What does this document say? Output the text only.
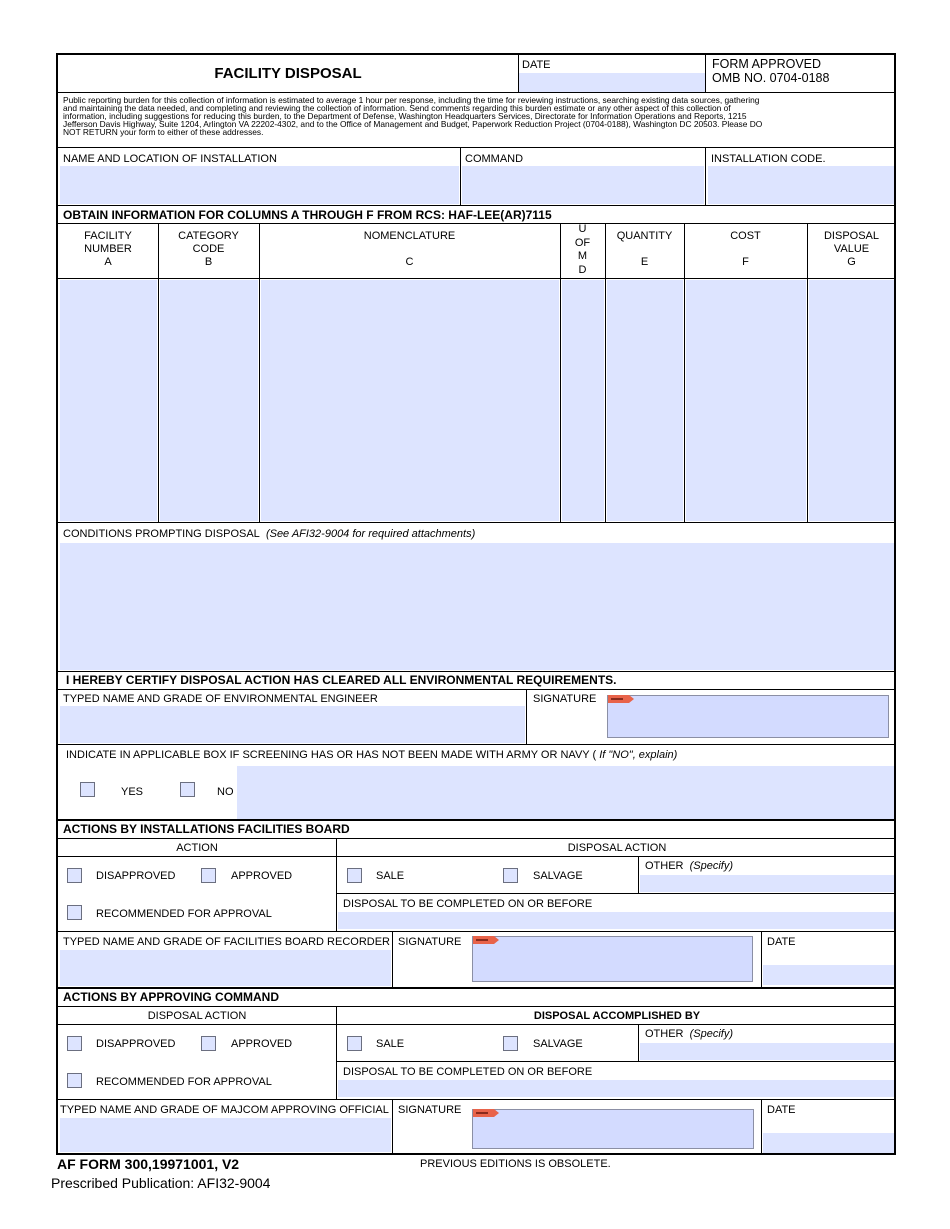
FACILITY DISPOSAL	DATE	FORM APPROVED
OMB NO. 0704-0188
Public reporting burden for this collection of information is estimated to average 1 hour per response, including the time for reviewing instructions, searching existing data sources, gathering
and maintaining the data needed, and completing and reviewing the collection of information. Send comments regarding this burden estimate or any other aspect of this collection of
information, including suggestions for reducing this burden, to the Department of Defense, Washington Headquarters Services, Directorate for Information Operations and Reports, 1215
Jefferson Davis Highway, Suite 1204, Arlington VA 22202-4302, and to the Office of Management and Budget, Paperwork Reduction Project (0704-0188), Washington DC 20503. Please DO
NOT RETURN your form to either of these addresses.
NAME AND LOCATION OF INSTALLATION	COMMAND	INSTALLATION CODE.
OBTAIN INFORMATION FOR COLUMNS A THROUGH F FROM RCS: HAF-LEE(AR)7115
FACILITY
NUMBER
A
CATEGORY
CODE
B
NOMENCLATURE
C
U
OF
M
D
QUANTITY
E
COST
F
DISPOSAL
VALUE
G
CONDITIONS PROMPTING DISPOSAL (See AFI32-9004 for required attachments)
I HEREBY CERTIFY DISPOSAL ACTION HAS CLEARED ALL ENVIRONMENTAL REQUIREMENTS.
TYPED NAME AND GRADE OF ENVIRONMENTAL ENGINEER	SIGNATURE
INDICATE IN APPLICABLE BOX IF SCREENING HAS OR HAS NOT BEEN MADE WITH ARMY OR NAVY ( If "NO", explain)
YES	NO
ACTIONS BY INSTALLATIONS FACILITIES BOARD
ACTION	DISPOSAL ACTION
DISAPPROVED	APPROVED	SALE	SALVAGE
OTHER (Specify)
RECOMMENDED FOR APPROVAL
DISPOSAL TO BE COMPLETED ON OR BEFORE
TYPED NAME AND GRADE OF FACILITIES BOARD RECORDER SIGNATURE	DATE
ACTIONS BY APPROVING COMMAND
DISPOSAL ACTION	DISPOSAL ACCOMPLISHED BY
DISAPPROVED	APPROVED	SALE	SALVAGE
OTHER (Specify)
RECOMMENDED FOR APPROVAL
DISPOSAL TO BE COMPLETED ON OR BEFORE
TYPED NAME AND GRADE OF MAJCOM APPROVING OFFICIAL SIGNATURE	DATE
AF FORM 300,19971001, V2	PREVIOUS EDITIONS IS OBSOLETE.
Prescribed Publication: AFI32-9004
